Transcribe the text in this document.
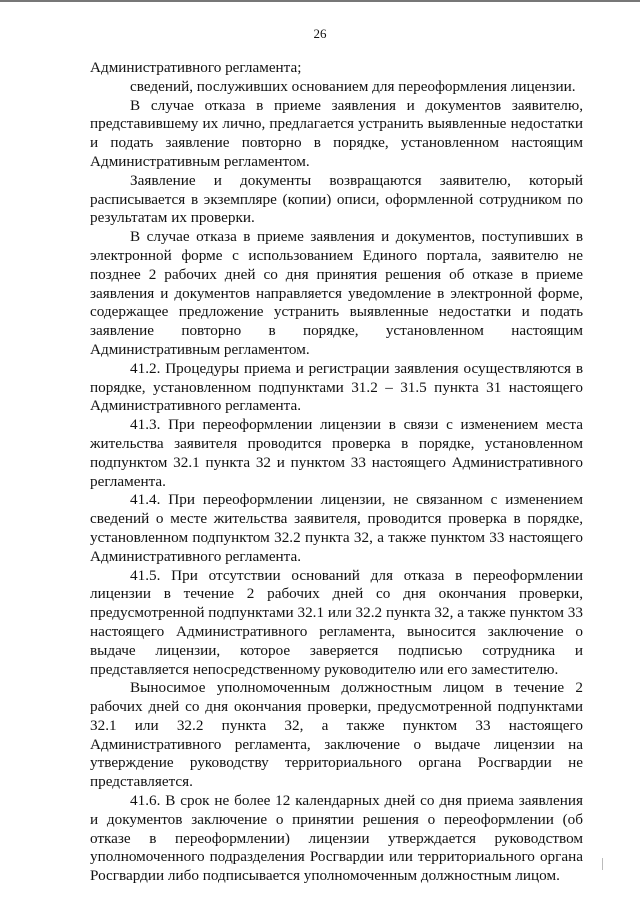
26

Административного регламента;

сведений, послуживших основанием для переоформления лицензии.

В случае отказа в приеме заявления и документов заявителю, представившему их лично, предлагается устранить выявленные недостатки и подать заявление повторно в порядке, установленном настоящим Административным регламентом.

Заявление и документы возвращаются заявителю, который расписывается в экземпляре (копии) описи, оформленной сотрудником по результатам их проверки.

В случае отказа в приеме заявления и документов, поступивших в электронной форме с использованием Единого портала, заявителю не позднее 2 рабочих дней со дня принятия решения об отказе в приеме заявления и документов направляется уведомление в электронной форме, содержащее предложение устранить выявленные недостатки и подать заявление повторно в порядке, установленном настоящим Административным регламентом.

41.2. Процедуры приема и регистрации заявления осуществляются в порядке, установленном подпунктами 31.2 – 31.5 пункта 31 настоящего Административного регламента.

41.3. При переоформлении лицензии в связи с изменением места жительства заявителя проводится проверка в порядке, установленном подпунктом 32.1 пункта 32 и пунктом 33 настоящего Административного регламента.

41.4. При переоформлении лицензии, не связанном с изменением сведений о месте жительства заявителя, проводится проверка в порядке, установленном подпунктом 32.2 пункта 32, а также пунктом 33 настоящего Административного регламента.

41.5. При отсутствии оснований для отказа в переоформлении лицензии в течение 2 рабочих дней со дня окончания проверки, предусмотренной подпунктами 32.1 или 32.2 пункта 32, а также пунктом 33 настоящего Административного регламента, выносится заключение о выдаче лицензии, которое заверяется подписью сотрудника и представляется непосредственному руководителю или его заместителю.

Выносимое уполномоченным должностным лицом в течение 2 рабочих дней со дня окончания проверки, предусмотренной подпунктами 32.1 или 32.2 пункта 32, а также пунктом 33 настоящего Административного регламента, заключение о выдаче лицензии на утверждение руководству территориального органа Росгвардии не представляется.

41.6. В срок не более 12 календарных дней со дня приема заявления и документов заключение о принятии решения о переоформлении (об отказе в переоформлении) лицензии утверждается руководством уполномоченного подразделения Росгвардии или территориального органа Росгвардии либо подписывается уполномоченным должностным лицом.
